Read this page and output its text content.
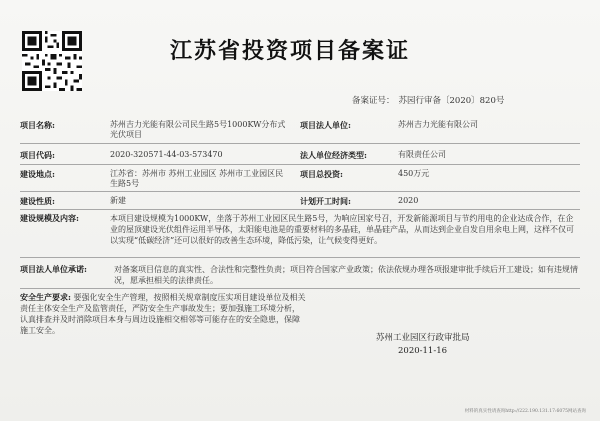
江苏省投资项目备案证
备案证号： 苏园行审备〔2020〕820号
项目名称:	苏州吉力光能有限公司民生路5号1000KW分布式光伏项目
项目法人单位:	苏州吉力光能有限公司
项目代码:	2020-320571-44-03-573470	法人单位经济类型:	有限责任公司
建设地点:	江苏省：苏州市 苏州工业园区 苏州市工业园区民生路5号
项目总投资:	450万元
建设性质:	新建	计划开工时间:	2020
建设规模及内容:	本项目建设规模为1000KW，坐落于苏州工业园区民生路5号，为响应国家号召，开发新能源项目与节约用电的企业达成合作，在企业的屋顶建设光伏组件运用半导体，太阳能电池是的重要材料的多晶硅，单晶硅产品，从而达到企业自发自用余电上网，这样不仅可以实现“低碳经济”还可以很好的改善生态环境，降低污染，让气候变得更好。
项目法人单位承诺:	对备案项目信息的真实性、合法性和完整性负责；项目符合国家产业政策；依法依规办理各项报建审批手续后开工建设；如有违规情况，愿承担相关的法律责任。
安全生产要求: 要强化安全生产管理，按照相关规章制度压实项目建设单位及相关责任主体安全生产及监管责任，严防安全生产事故发生；要加强施工环境分析，认真排查并及时消除项目本身与周边设施相交相邻等可能存在的安全隐患，保障施工安全。
苏州工业园区行政审批局
2020-11-16
材料的真实性请查询http://222.190.131.17:6075网站查询
